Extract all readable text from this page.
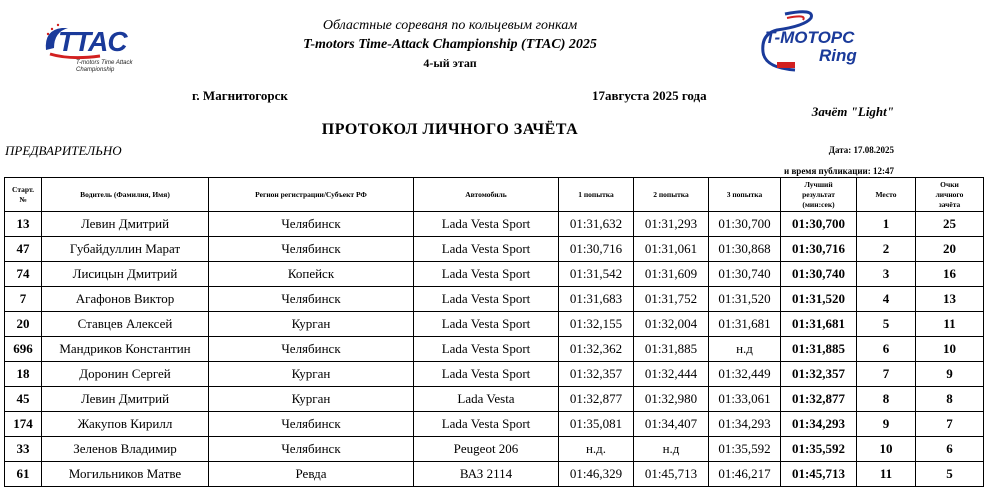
TTAC
T-motors Time Attack
Championship
Областные сореваня по кольцевым гонкам
T-motors Time-Attack Championship (TTAC) 2025
4-ый этап
T-MOTOPC
Ring
г. Магнитогорск	17августа 2025 года
Зачёт "Light"
ПРОТОКОЛ ЛИЧНОГО ЗАЧЁТА
ПРЕДВАРИТЕЛЬНО	Дата: 17.08.2025
и время публикации: 12:47
Старт.
№	Водитель (Фамилия, Имя)	Регион регистрации/Субъект РФ	Автомобиль	1 попытка	2 попытка	3 попытка	Лучший
результат
(мин:сек)	Место	Очки
личного
зачёта
13	Левин Дмитрий	Челябинск	Lada Vesta Sport	01:31,632	01:31,293	01:30,700	01:30,700	1	25
47	Губайдуллин Марат	Челябинск	Lada Vesta Sport	01:30,716	01:31,061	01:30,868	01:30,716	2	20
74	Лисицын Дмитрий	Копейск	Lada Vesta Sport	01:31,542	01:31,609	01:30,740	01:30,740	3	16
7	Агафонов Виктор	Челябинск	Lada Vesta Sport	01:31,683	01:31,752	01:31,520	01:31,520	4	13
20	Ставцев Алексей	Курган	Lada Vesta Sport	01:32,155	01:32,004	01:31,681	01:31,681	5	11
696	Мандриков Константин	Челябинск	Lada Vesta Sport	01:32,362	01:31,885	н.д	01:31,885	6	10
18	Доронин Сергей	Курган	Lada Vesta Sport	01:32,357	01:32,444	01:32,449	01:32,357	7	9
45	Левин Дмитрий	Курган	Lada Vesta	01:32,877	01:32,980	01:33,061	01:32,877	8	8
174	Жакупов Кирилл	Челябинск	Lada Vesta Sport	01:35,081	01:34,407	01:34,293	01:34,293	9	7
33	Зеленов Владимир	Челябинск	Peugeot 206	н.д.	н.д	01:35,592	01:35,592	10	6
61	Могильников Матве	Ревда	ВАЗ 2114	01:46,329	01:45,713	01:46,217	01:45,713	11	5
